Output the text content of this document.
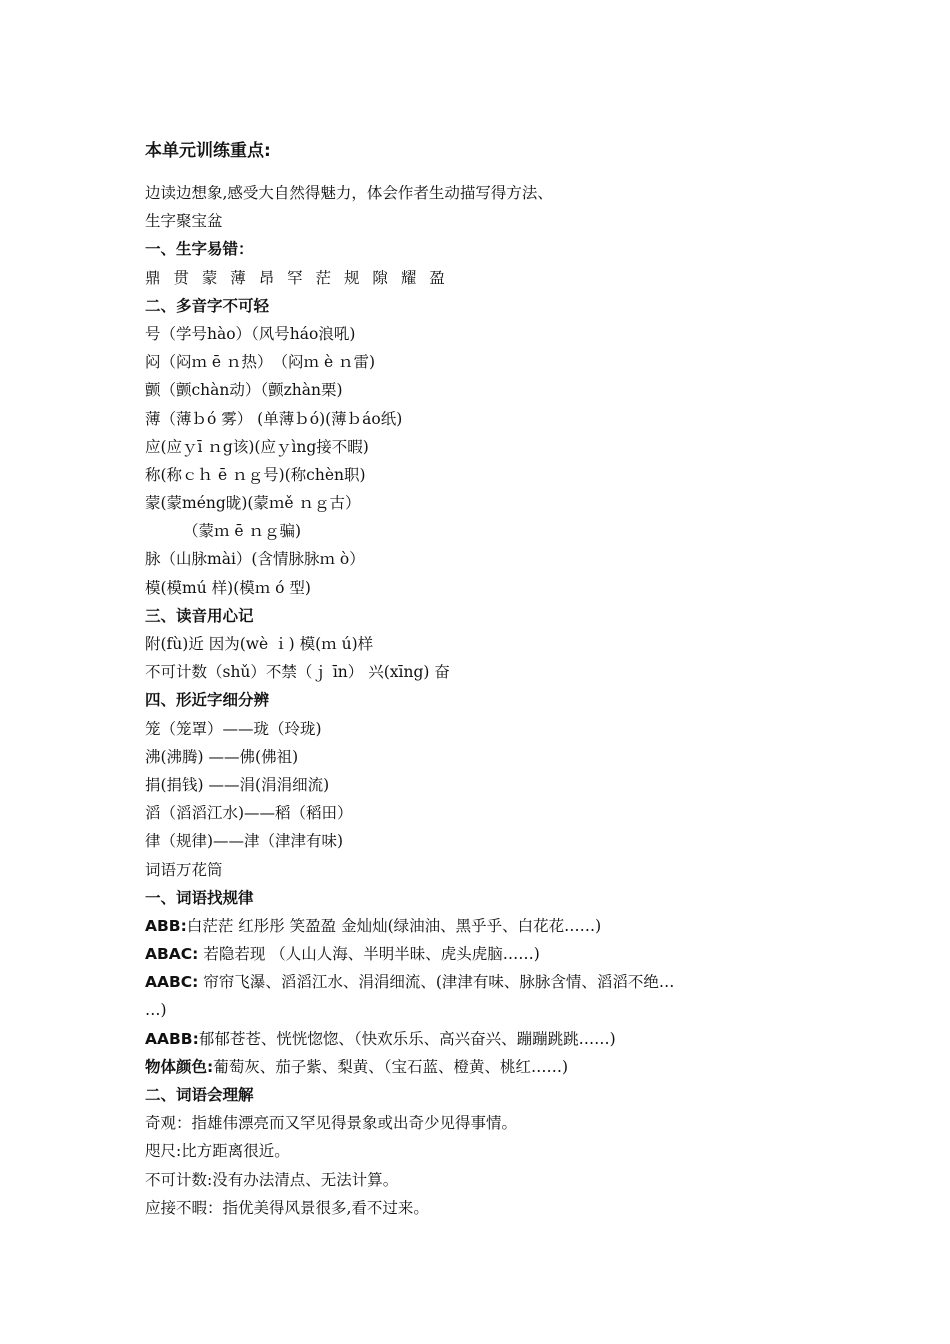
本单元训练重点:
边读边想象,感受大自然得魅力，体会作者生动描写得方法、
生字聚宝盆
一、生字易错：
鼎 贯 蒙 薄 昂 罕 茫 规 隙 耀 盈
二、多音字不可轻
号（学号hào）（风号háo浪吼)
闷（闷ｍ ē ｎ热）　（闷ｍ è ｎ雷)
颤（颤chàn动）（颤zhàn栗)
薄（薄ｂó 雾） (单薄ｂó)(薄ｂáo纸)
应(应ｙī ｎg该)(应ｙìng接不暇)
称(称ｃｈ ē ｎｇ号)(称chèn职)
蒙(蒙méng昽)(蒙ｍě ｎｇ古）
（蒙ｍ ē ｎｇ骗)
脉（山脉mài）(含情脉脉ｍ ò）
模(模mú 样)(模ｍ ó 型)
三、读音用心记
附(fù)近 因为(wè ｉ) 模(ｍ ú)样
不可计数（shǔ）不禁（ｊ īn） 兴(xīng) 奋
四、形近字细分辨
笼（笼罩）——珑（玲珑)
沸(沸腾) ——佛(佛祖)
捐(捐钱) ——涓(涓涓细流)
滔（滔滔江水)——稻（稻田）
律（规律)——津（津津有味)
词语万花筒
一、词语找规律
ABB:白茫茫 红彤彤 笑盈盈 金灿灿(绿油油、黑乎乎、白花花……)
ABAC: 若隐若现 （人山人海、半明半昧、虎头虎脑……)
AABC: 帘帘飞瀑、滔滔江水、涓涓细流、(津津有味、脉脉含情、滔滔不绝…
…)
AABB:郁郁苍苍、恍恍惚惚、（快欢乐乐、高兴奋兴、蹦蹦跳跳……)
物体颜色:葡萄灰、茄子紫、梨黄、（宝石蓝、橙黄、桃红……)
二、词语会理解
奇观：指雄伟漂亮而又罕见得景象或出奇少见得事情。
咫尺:比方距离很近。
不可计数:没有办法清点、无法计算。
应接不暇：指优美得风景很多,看不过来。
